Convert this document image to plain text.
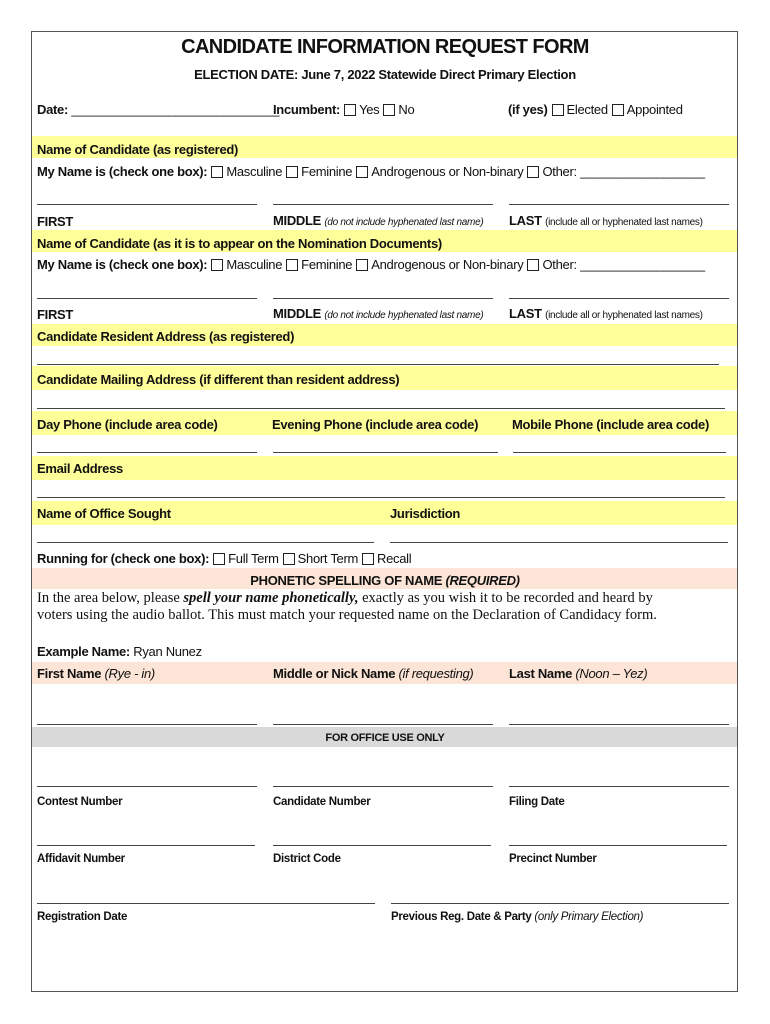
CANDIDATE INFORMATION REQUEST FORM
ELECTION DATE: June 7, 2022 Statewide Direct Primary Election
Date: ______________________________
Incumbent: Yes No	(if yes) Elected Appointed
Name of Candidate (as registered)
My Name is (check one box): Masculine Feminine Androgenous or Non-binary Other: __________________
FIRST	MIDDLE (do not include hyphenated last name) LAST (include all or hyphenated last names)
Name of Candidate (as it is to appear on the Nomination Documents)
My Name is (check one box): Masculine Feminine Androgenous or Non-binary Other: __________________
FIRST	MIDDLE (do not include hyphenated last name) LAST (include all or hyphenated last names)
Candidate Resident Address (as registered)
Candidate Mailing Address (if different than resident address)
Day Phone (include area code)	Evening Phone (include area code)	Mobile Phone (include area code)
Email Address
Name of Office Sought	Jurisdiction
Running for (check one box): Full Term Short Term Recall
PHONETIC SPELLING OF NAME (REQUIRED)
In the area below, please spell your name phonetically, exactly as you wish it to be recorded and heard by
voters using the audio ballot. This must match your requested name on the Declaration of Candidacy form.
Example Name: Ryan Nunez
First Name (Rye - in)	Middle or Nick Name (if requesting)	Last Name (Noon – Yez)
FOR OFFICE USE ONLY
Contest Number	Candidate Number	Filing Date
Affidavit Number	District Code	Precinct Number
Registration Date	Previous Reg. Date & Party (only Primary Election)
